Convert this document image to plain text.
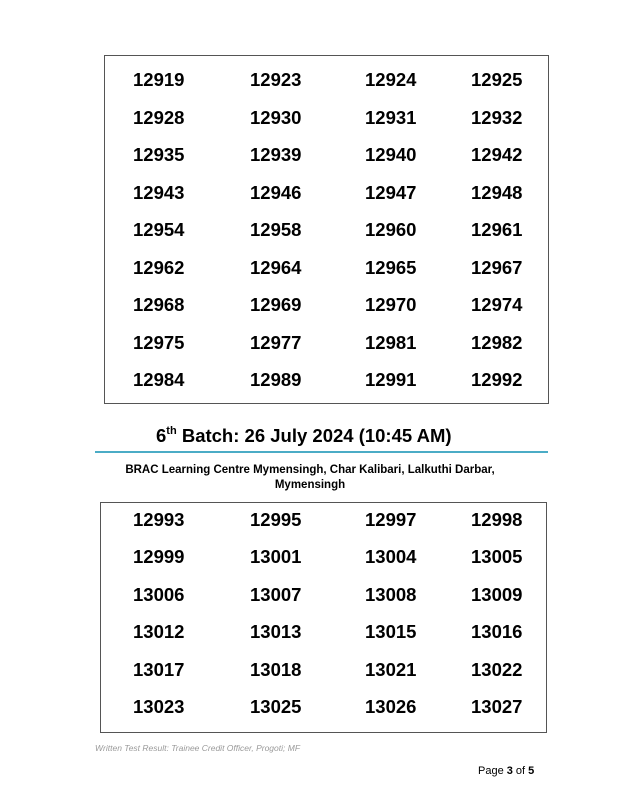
12919	12923	12924	12925
12928	12930	12931	12932
12935	12939	12940	12942
12943	12946	12947	12948
12954	12958	12960	12961
12962	12964	12965	12967
12968	12969	12970	12974
12975	12977	12981	12982
12984	12989	12991	12992
6th Batch: 26 July 2024 (10:45 AM)
BRAC Learning Centre Mymensingh, Char Kalibari, Lalkuthi Darbar,
Mymensingh
12993	12995	12997	12998
12999	13001	13004	13005
13006	13007	13008	13009
13012	13013	13015	13016
13017	13018	13021	13022
13023	13025	13026	13027
Written Test Result: Trainee Credit Officer, Progoti; MF
Page 3 of 5
